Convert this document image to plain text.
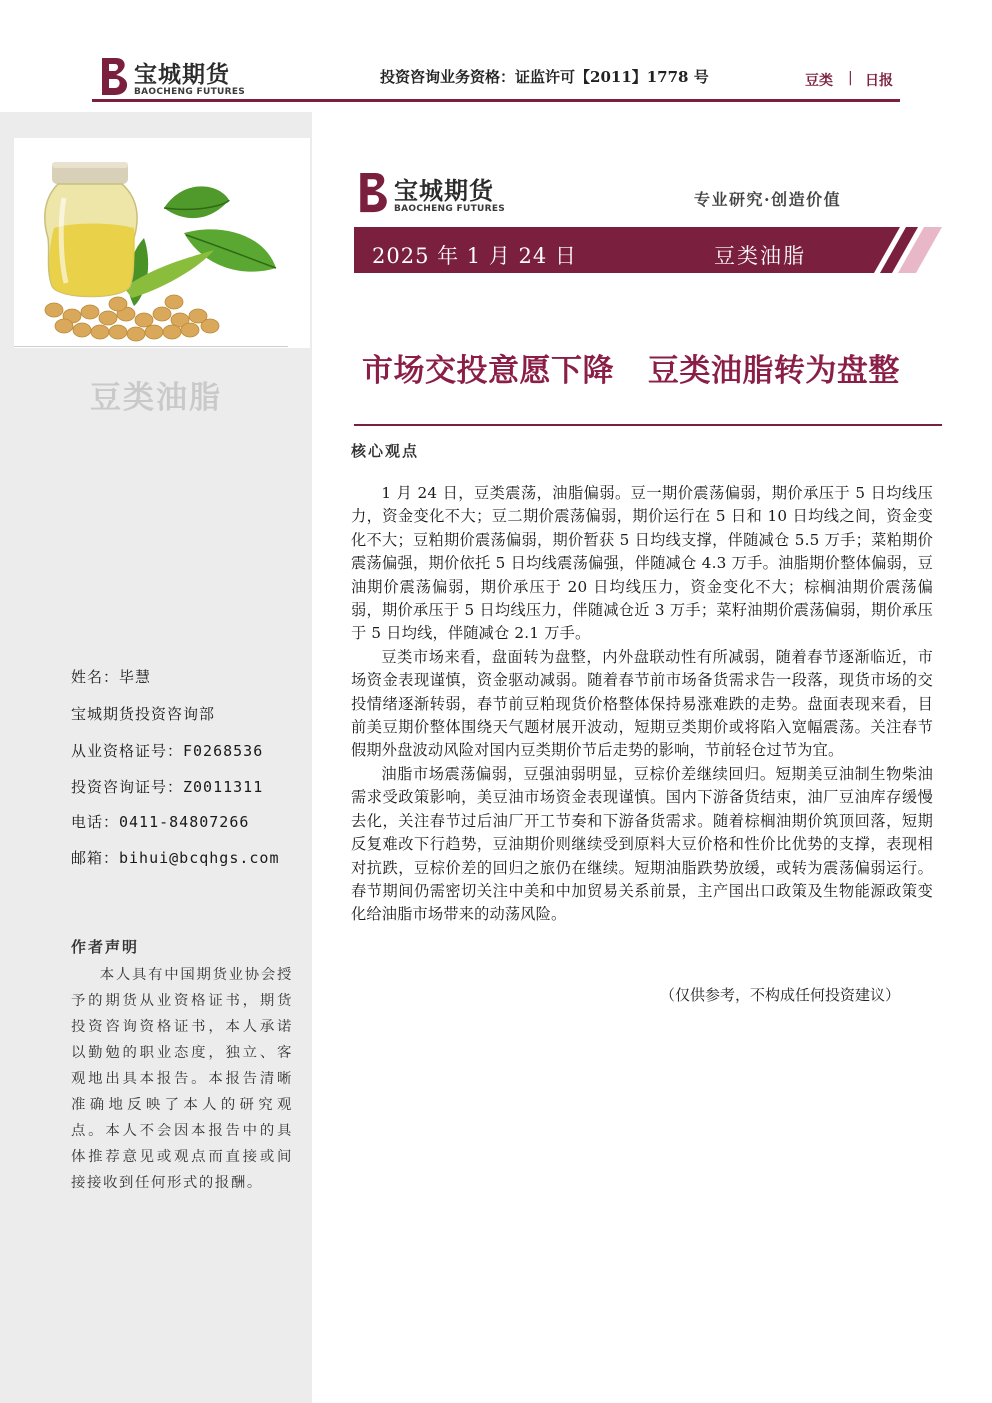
宝城期货
BAOCHENG FUTURES
投资咨询业务资格：证监许可【2011】1778 号	豆类 | 日报
豆类油脂
姓名：毕慧
宝城期货投资咨询部
从业资格证号：F0268536
投资咨询证号：Z0011311
电话：0411-84807266
邮箱：bihui@bcqhgs.com
作者声明
本人具有中国期货业协会授予的期货从业资格证书，期货投资咨询资格证书，本人承诺以勤勉的职业态度，独立、客观地出具本报告。本报告清晰准确地反映了本人的研究观点。本人不会因本报告中的具体推荐意见或观点而直接或间接接收到任何形式的报酬。
宝城期货
BAOCHENG FUTURES	专业研究·创造价值
2025 年 1 月 24 日	豆类油脂
市场交投意愿下降   豆类油脂转为盘整
核心观点

1 月 24 日，豆类震荡，油脂偏弱。豆一期价震荡偏弱，期价承压于 5 日均线压力，资金变化不大；豆二期价震荡偏弱，期价运行在 5 日和 10 日均线之间，资金变化不大；豆粕期价震荡偏弱，期价暂获 5 日均线支撑，伴随减仓 5.5 万手；菜粕期价震荡偏强，期价依托 5 日均线震荡偏强，伴随减仓 4.3 万手。油脂期价整体偏弱，豆油期价震荡偏弱，期价承压于 20 日均线压力，资金变化不大；棕榈油期价震荡偏弱，期价承压于 5 日均线压力，伴随减仓近 3 万手；菜籽油期价震荡偏弱，期价承压于 5 日均线，伴随减仓 2.1 万手。

豆类市场来看，盘面转为盘整，内外盘联动性有所减弱，随着春节逐渐临近，市场资金表现谨慎，资金驱动减弱。随着春节前市场备货需求告一段落，现货市场的交投情绪逐渐转弱，春节前豆粕现货价格整体保持易涨难跌的走势。盘面表现来看，目前美豆期价整体围绕天气题材展开波动，短期豆类期价或将陷入宽幅震荡。关注春节假期外盘波动风险对国内豆类期价节后走势的影响，节前轻仓过节为宜。

油脂市场震荡偏弱，豆强油弱明显，豆棕价差继续回归。短期美豆油制生物柴油需求受政策影响，美豆油市场资金表现谨慎。国内下游备货结束，油厂豆油库存缓慢去化，关注春节过后油厂开工节奏和下游备货需求。随着棕榈油期价筑顶回落，短期反复难改下行趋势，豆油期价则继续受到原料大豆价格和性价比优势的支撑，表现相对抗跌，豆棕价差的回归之旅仍在继续。短期油脂跌势放缓，或转为震荡偏弱运行。春节期间仍需密切关注中美和中加贸易关系前景，主产国出口政策及生物能源政策变化给油脂市场带来的动荡风险。

（仅供参考，不构成任何投资建议）
